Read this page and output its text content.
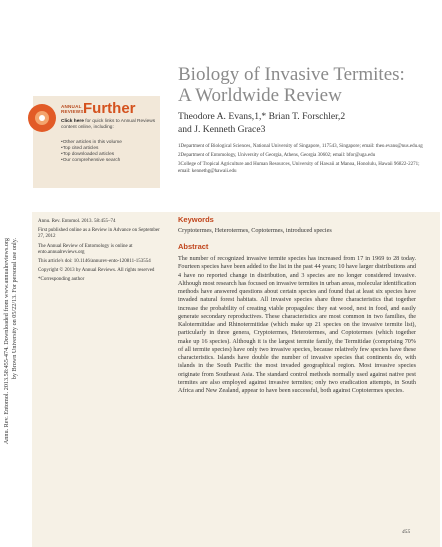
Annu. Rev. Entomol. 2013.58:455-474. Downloaded from www.annualreviews.org by Brown University on 05/22/13. For personal use only.
ANNUAL REVIEWS Further
Click here for quick links to Annual Reviews content online, including:
• Other articles in this volume
• Top cited articles
• Top downloaded articles
• Our comprehensive search
Biology of Invasive Termites:
A Worldwide Review
Theodore A. Evans,1,* Brian T. Forschler,2
and J. Kenneth Grace3

1Department of Biological Sciences, National University of Singapore, 117543, Singapore; email: theo.evans@nus.edu.sg

2Department of Entomology, University of Georgia, Athens, Georgia 30602; email: bfor@uga.edu

3College of Tropical Agriculture and Human Resources, University of Hawaii at Manoa, Honolulu, Hawaii 96822-2271; email: kennethg@hawaii.edu

Annu. Rev. Entomol. 2013. 58:455–74

First published online as a Review in Advance on September 27, 2012

The Annual Review of Entomology is online at ento.annualreviews.org

This article's doi: 10.1146/annurev-ento-120811-153554

Copyright © 2013 by Annual Reviews. All rights reserved

*Corresponding author

Keywords
Cryptotermes, Heterotermes, Coptotermes, introduced species
Abstract

The number of recognized invasive termite species has increased from 17 in 1969 to 28 today. Fourteen species have been added to the list in the past 44 years; 10 have larger distributions and 4 have no reported change in distribution, and 3 species are no longer considered invasive. Although most research has focused on invasive termites in urban areas, molecular identification methods have answered questions about certain species and found that at least six species have invaded natural forest habitats. All invasive species share three characteristics that together increase the probability of creating viable propagules: they eat wood, nest in food, and easily generate secondary reproductives. These characteristics are most common in two families, the Kalotermitidae and Rhinotermitidae (which make up 21 species on the invasive termite list), particularly in three genera, Cryptotermes, Heterotermes, and Coptotermes (which together make up 16 species). Although it is the largest termite family, the Termitidae (comprising 70% of all termite species) have only two invasive species, because relatively few species have these characteristics. Islands have double the number of invasive species that continents do, with islands in the South Pacific the most invaded geographical region. Most invasive species originate from Southeast Asia. The standard control methods normally used against native pest termites are also employed against invasive termites; only two eradication attempts, in South Africa and New Zealand, appear to have been successful, both against Coptotermes species.

455
